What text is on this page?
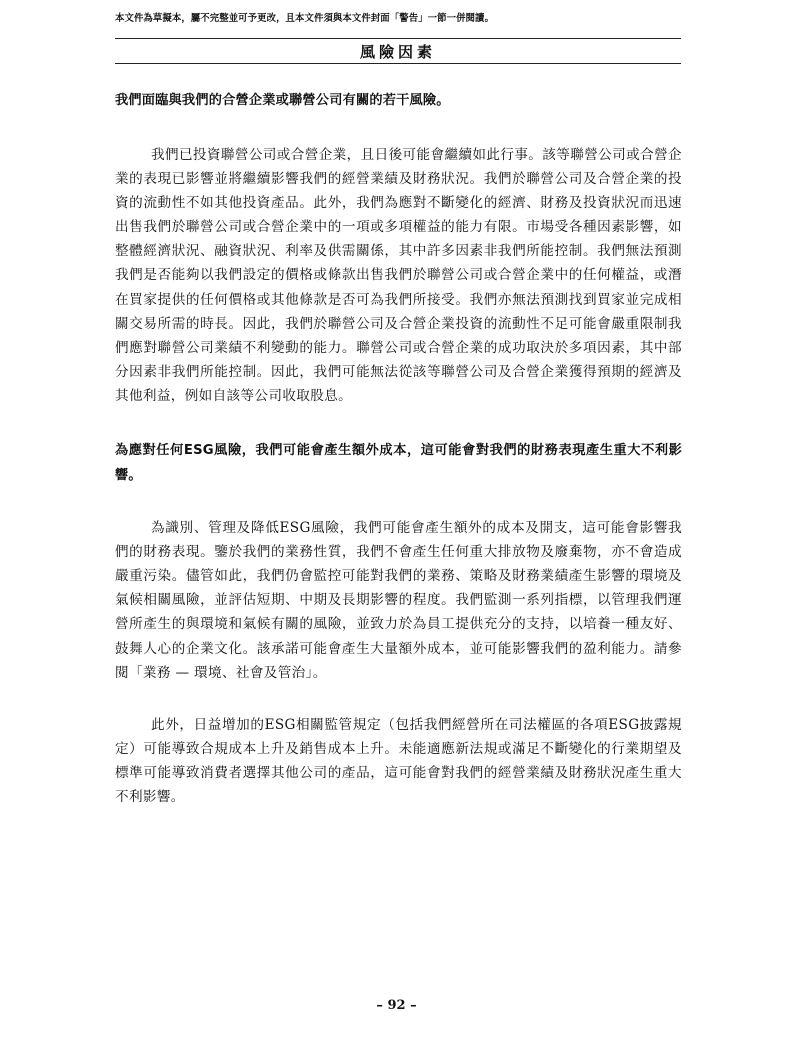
本文件為草擬本，屬不完整並可予更改，且本文件須與本文件封面「警告」一節一併閱讀。
風險因素

我們面臨與我們的合營企業或聯營公司有關的若干風險。

我們已投資聯營公司或合營企業，且日後可能會繼續如此行事。該等聯營公司或合營企業的表現已影響並將繼續影響我們的經營業績及財務狀況。我們於聯營公司及合營企業的投資的流動性不如其他投資產品。此外，我們為應對不斷變化的經濟、財務及投資狀況而迅速出售我們於聯營公司或合營企業中的一項或多項權益的能力有限。市場受各種因素影響，如整體經濟狀況、融資狀況、利率及供需關係，其中許多因素非我們所能控制。我們無法預測我們是否能夠以我們設定的價格或條款出售我們於聯營公司或合營企業中的任何權益，或潛在買家提供的任何價格或其他條款是否可為我們所接受。我們亦無法預測找到買家並完成相關交易所需的時長。因此，我們於聯營公司及合營企業投資的流動性不足可能會嚴重限制我們應對聯營公司業績不利變動的能力。聯營公司或合營企業的成功取決於多項因素，其中部分因素非我們所能控制。因此，我們可能無法從該等聯營公司及合營企業獲得預期的經濟及其他利益，例如自該等公司收取股息。

為應對任何ESG風險，我們可能會產生額外成本，這可能會對我們的財務表現產生重大不利影響。

為識別、管理及降低ESG風險，我們可能會產生額外的成本及開支，這可能會影響我們的財務表現。鑒於我們的業務性質，我們不會產生任何重大排放物及廢棄物，亦不會造成嚴重污染。儘管如此，我們仍會監控可能對我們的業務、策略及財務業績產生影響的環境及氣候相關風險，並評估短期、中期及長期影響的程度。我們監測一系列指標，以管理我們運營所產生的與環境和氣候有關的風險，並致力於為員工提供充分的支持，以培養一種友好、鼓舞人心的企業文化。該承諾可能會產生大量額外成本，並可能影響我們的盈利能力。請參閱「業務 — 環境、社會及管治」。

此外，日益增加的ESG相關監管規定（包括我們經營所在司法權區的各項ESG披露規定）可能導致合規成本上升及銷售成本上升。未能適應新法規或滿足不斷變化的行業期望及標準可能導致消費者選擇其他公司的產品，這可能會對我們的經營業績及財務狀況產生重大不利影響。

– 92 –
